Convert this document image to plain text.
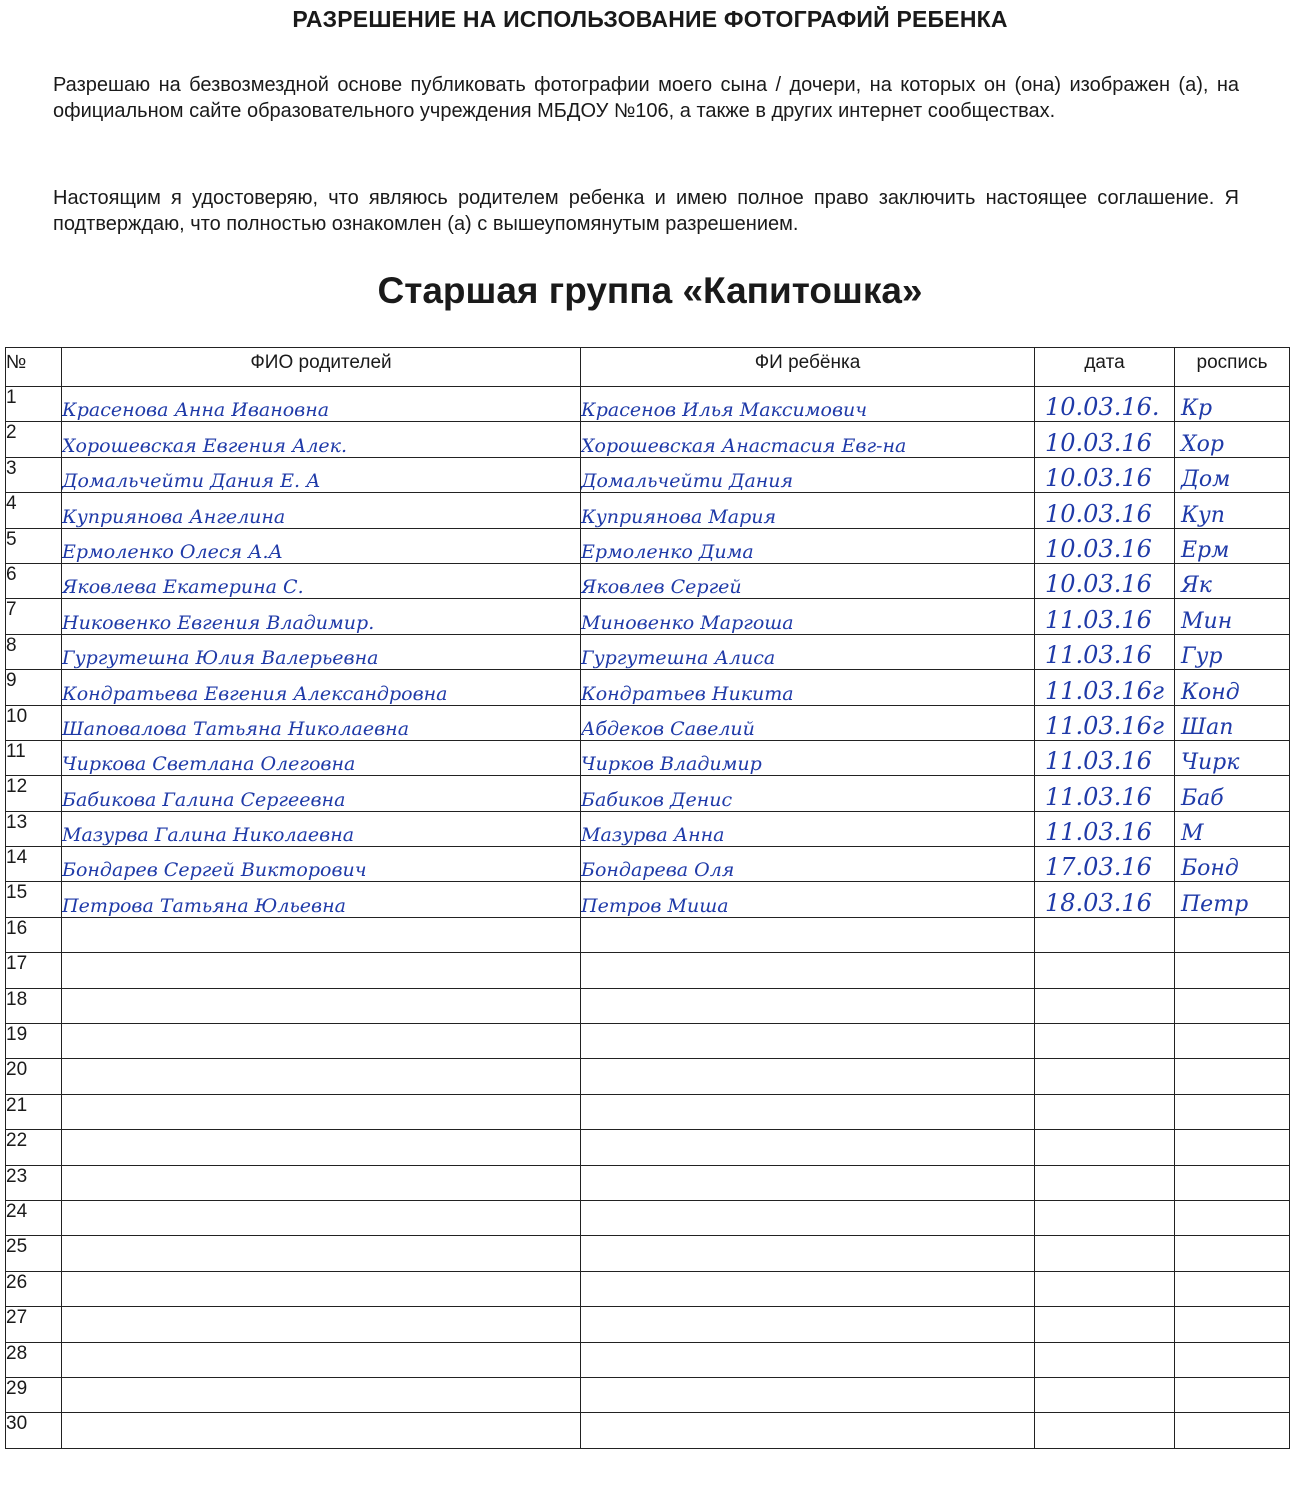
РАЗРЕШЕНИЕ НА ИСПОЛЬЗОВАНИЕ ФОТОГРАФИЙ РЕБЕНКА

Разрешаю на безвозмездной основе публиковать фотографии моего сына / дочери, на которых он (она) изображен (а), на официальном сайте образовательного учреждения МБДОУ №106, а также в других интернет сообществах.

Настоящим я удостоверяю, что являюсь родителем ребенка и имею полное право заключить настоящее соглашение. Я подтверждаю, что полностью ознакомлен (а) с вышеупомянутым разрешением.

Старшая группа «Капитошка»
№	ФИО родителей	ФИ ребёнка	дата	роспись
1	Красенова Анна Ивановна	Красенов Илья Максимович	10.03.16.	Кр
2	Хорошевская Евгения Алек.	Хорошевская Анастасия Евг-на	10.03.16	Хор
3	Домальчейти Дания Е. А	Домальчейти Дания	10.03.16	Дом
4	Куприянова Ангелина	Куприянова Мария	10.03.16	Куп
5	Ермоленко Олеся А.А	Ермоленко Дима	10.03.16	Ерм
6	Яковлева Екатерина С.	Яковлев Сергей	10.03.16	Як
7	Никовенко Евгения Владимир.	Миновенко Маргоша	11.03.16	Мин
8	Гургутешна Юлия Валерьевна	Гургутешна Алиса	11.03.16	Гур
9	Кондратьева Евгения Александровна	Кондратьев Никита	11.03.16г	Конд
10	Шаповалова Татьяна Николаевна	Абдеков Савелий	11.03.16г	Шап
11	Чиркова Светлана Олеговна	Чирков Владимир	11.03.16	Чирк
12	Бабикова Галина Сергеевна	Бабиков Денис	11.03.16	Баб
13	Мазурва Галина Николаевна	Мазурва Анна	11.03.16	М
14	Бондарев Сергей Викторович	Бондарева Оля	17.03.16	Бонд
15	Петрова Татьяна Юльевна	Петров Миша	18.03.16	Петр
16				
17				
18				
19				
20				
21				
22				
23				
24				
25				
26				
27				
28				
29				
30				
